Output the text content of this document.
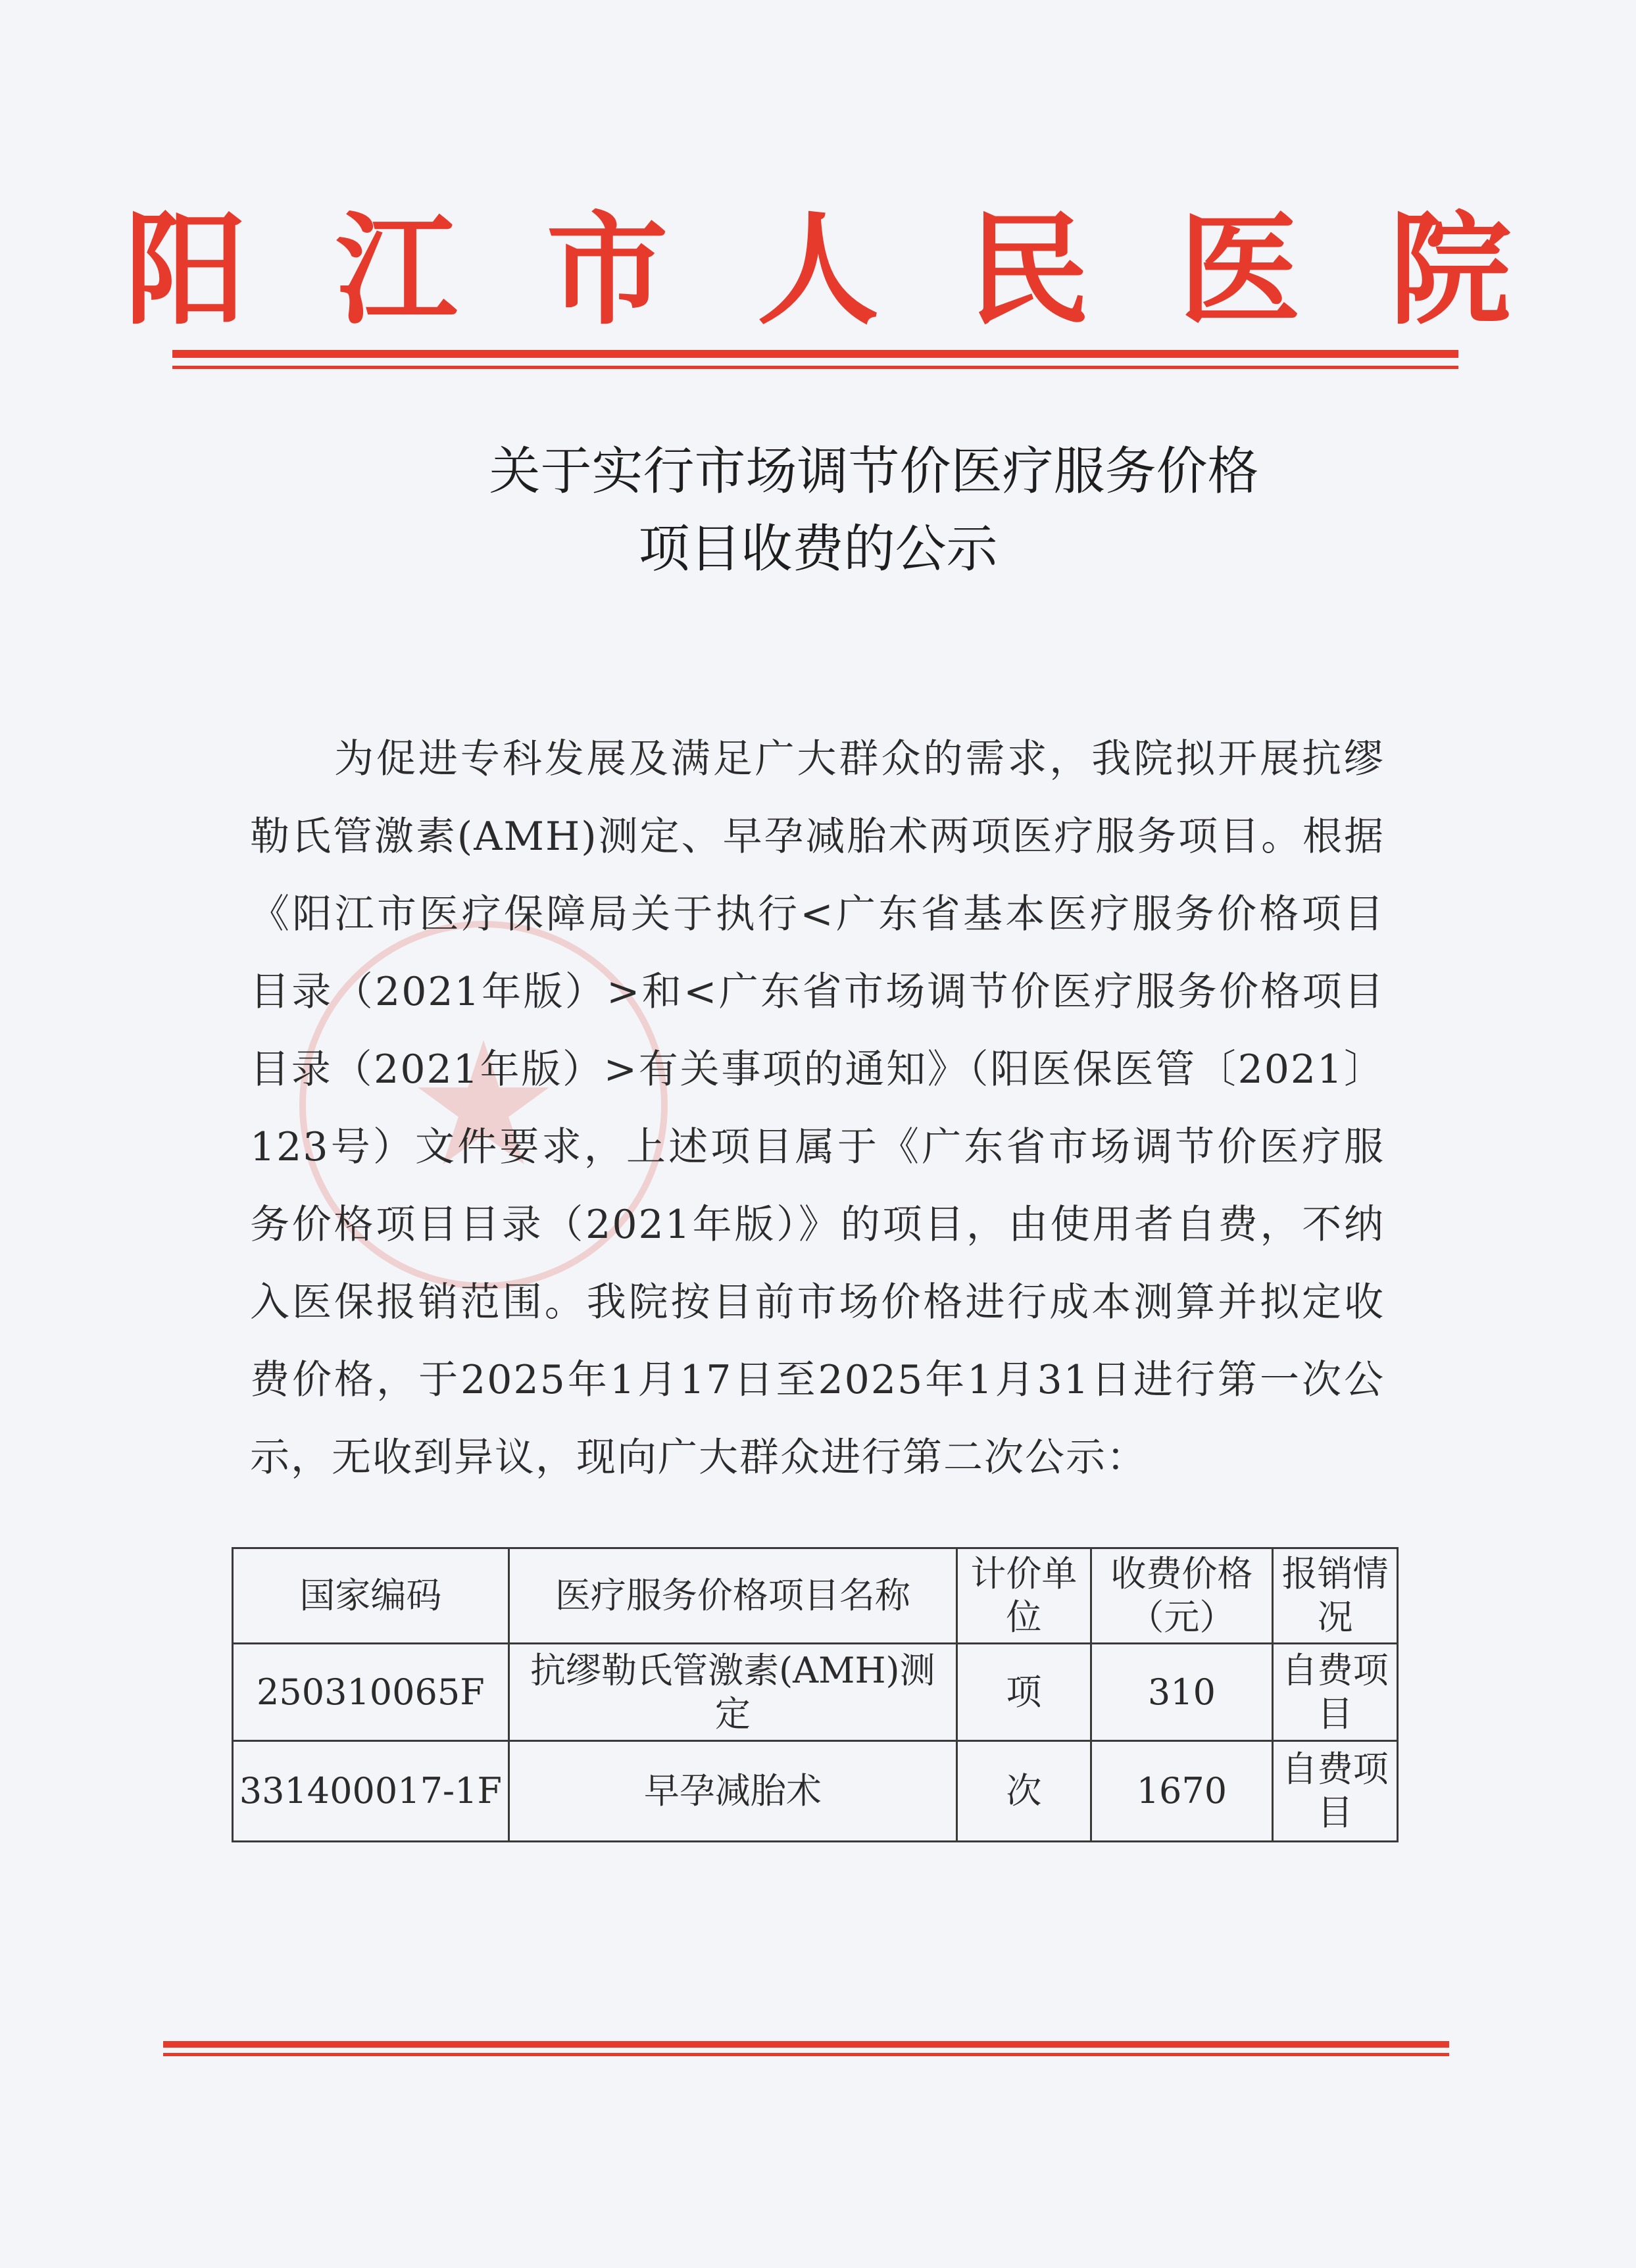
阳 江 市 人 民 医 院
关于实行市场调节价医疗服务价格
项目收费的公示
★

为促进专科发展及满足广大群众的需求，我院拟开展抗缪勒氏管激素(AMH)测定、早孕减胎术两项医疗服务项目。根据《阳江市医疗保障局关于执行<广东省基本医疗服务价格项目目录（2021年版）>和<广东省市场调节价医疗服务价格项目目录（2021年版）>有关事项的通知》（阳医保医管〔2021〕123号）文件要求，上述项目属于《广东省市场调节价医疗服务价格项目目录（2021年版）》的项目，由使用者自费，不纳入医保报销范围。我院按目前市场价格进行成本测算并拟定收费价格，于2025年1月17日至2025年1月31日进行第一次公示，无收到异议，现向广大群众进行第二次公示：

国家编码	医疗服务价格项目名称	计价单位	收费价格（元）	报销情况
250310065F	抗缪勒氏管激素(AMH)测定	项	310	自费项目
331400017-1F	早孕减胎术	次	1670	自费项目
